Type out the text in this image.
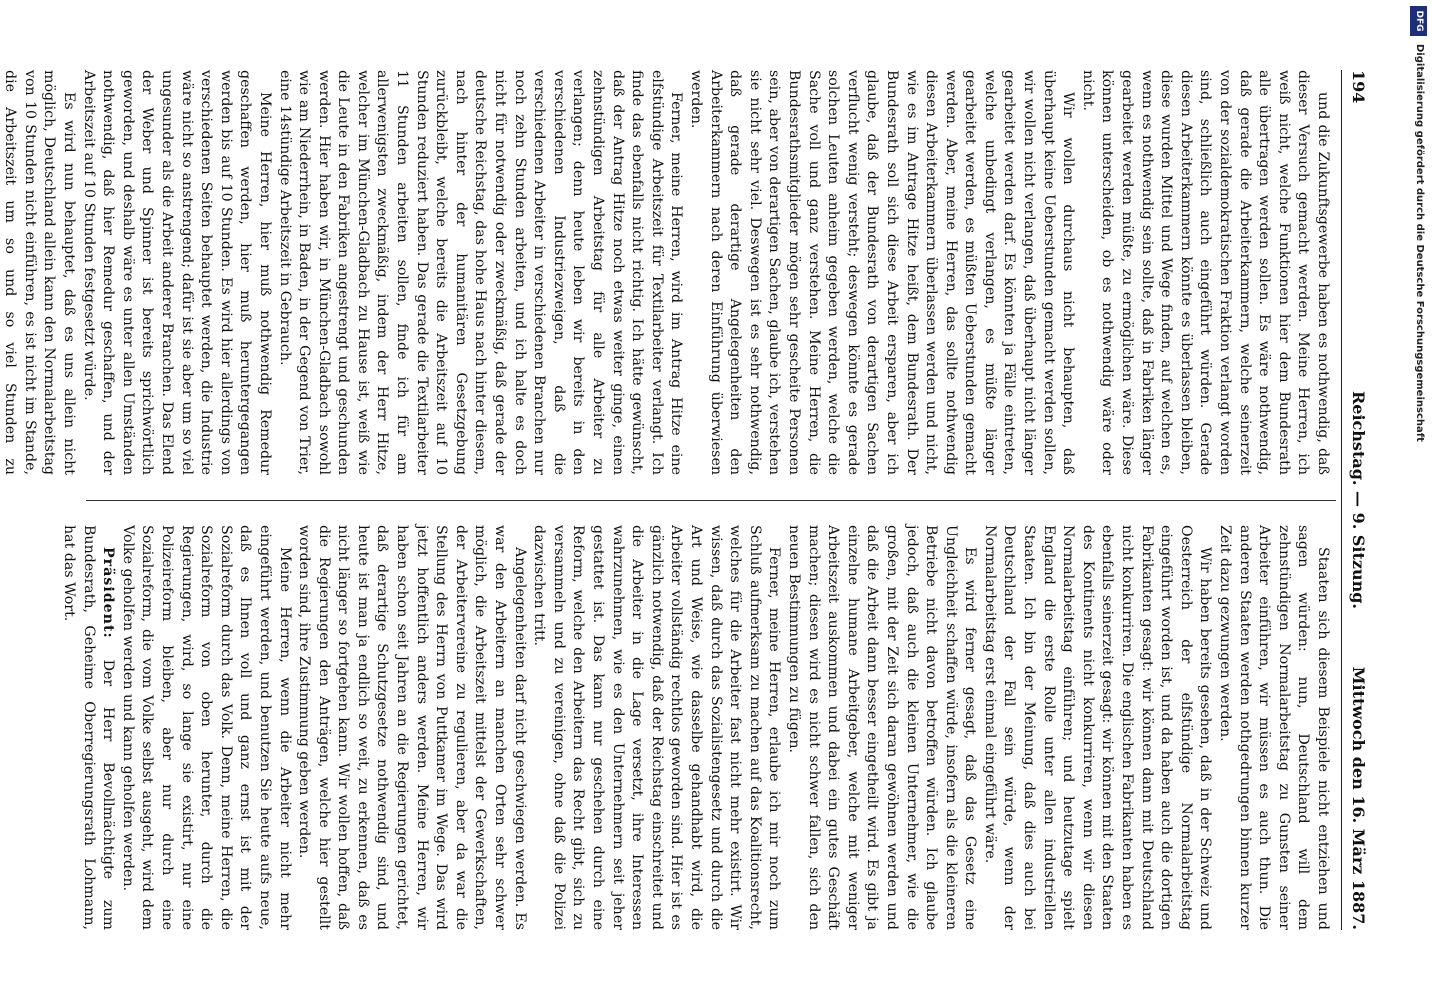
DFG
Digitalisierung gefördert durch die Deutsche Forschungsgemeinschaft
194
Reichstag. — 9. Sitzung.
Mittwoch den 16. März 1887.

und die Zukunftsgewerbe haben es nothwendig, daß dieser Versuch gemacht werden. Meine Herren, ich weiß nicht, welche Funktionen hier dem Bundesrath alle übertragen werden sollen. Es wäre nothwendig, daß gerade die Arbeiterkammern, welche seinerzeit von der sozialdemokratischen Fraktion verlangt worden sind, schließlich auch eingeführt würden. Gerade diesen Arbeiterkammern könnte es überlassen bleiben, diese wurden Mittel und Wege finden, auf welchen es, wenn es nothwendig sein sollte, daß in Fabriken länger gearbeitet werden müßte, zu ermöglichen wäre. Diese können unterscheiden, ob es nothwendig wäre oder nicht.

Wir wollen durchaus nicht behaupten, daß überhaupt keine Ueberstunden gemacht werden sollen, wir wollen nicht verlangen, daß überhaupt nicht länger gearbeitet werden darf. Es könnten ja Fälle eintreten, welche unbedingt verlangen, es müßte länger gearbeitet werden, es müßten Ueberstunden gemacht werden. Aber, meine Herren, das sollte nothwendig diesen Arbeiterkammern überlassen werden und nicht, wie es im Antrage Hitze heißt, dem Bundesrath. Der Bundesrath soll sich diese Arbeit ersparen, aber ich glaube, daß der Bundesrath von derartigen Sachen verflucht wenig versteht; deswegen könnte es gerade solchen Leuten anheim gegeben werden, welche die Sache voll und ganz verstehen. Meine Herren, die Bundesrathsmitglieder mögen sehr gescheite Personen sein, aber von derartigen Sachen, glaube ich, verstehen sie nicht sehr viel. Deswegen ist es sehr nothwendig, daß gerade derartige Angelegenheiten den Arbeiterkammern nach deren Einführung überwiesen werden.

Ferner, meine Herren, wird im Antrag Hitze eine elfstündige Arbeitszeit für Textilarbeiter verlangt. Ich finde das ebenfalls nicht richtig. Ich hätte gewünscht, daß der Antrag Hitze noch etwas weiter ginge, einen zehnstündigen Arbeitstag für alle Arbeiter zu verlangen; denn heute leben wir bereits in den verschiedenen Industriezweigen, daß die verschiedenen Arbeiter in verschiedenen Branchen nur noch zehn Stunden arbeiten, und ich halte es doch nicht für notwendig oder zweckmäßig, daß gerade der deutsche Reichstag, das hohe Haus nach hinter diesem, nach hinter der humanitären Gesetzgebung zurückbleibt, welche bereits die Arbeitszeit auf 10 Stunden reduziert haben. Das gerade die Textilarbeiter 11 Stunden arbeiten sollen, finde ich für am allerwenigsten zweckmäßig, indem der Herr Hitze, welcher im München-Gladbach zu Hause ist, weiß wie die Leute in den Fabriken angestrengt und geschunden werden. Hier haben wir, in München-Gladbach sowohl wie am Niederrhein, in Baden, in der Gegend von Trier, eine 14stündige Arbeitszeit in Gebrauch.

Meine Herren, hier muß nothwendig Remedur geschaffen werden, hier muß heruntergegangen werden bis auf 10 Stunden. Es wird hier allerdings von verschiedenen Seiten behauptet werden, die Industrie wäre nicht so anstrengend; dafür ist sie aber um so viel ungesunder als die Arbeit anderer Branchen. Das Elend der Weber und Spinner ist bereits sprichwörtlich geworden, und deshalb wäre es unter allen Umständen nothwendig, daß hier Remedur geschaffen, und der Arbeitszeit auf 10 Stunden festgesetzt würde.

Es wird nun behauptet, daß es uns allein nicht möglich, Deutschland allein kann den Normalarbeitstag von 10 Stunden nicht einführen, es ist nicht im Stande, die Arbeitszeit um so und so viel Stunden zu

Staaten sich diesem Beispiele nicht entziehen und sagen würden: nun, Deutschland will dem zehnstündigen Normalarbeitstag zu Gunsten seiner Arbeiter einführen, wir müssen es auch thun. Die anderen Staaten werden nothgedrungen binnen kurzer Zeit dazu gezwungen werden.

Wir haben bereits gesehen, daß in der Schweiz und Oesterreich der elfstündige Normalarbeitstag eingeführt worden ist, und da haben auch die dortigen Fabrikanten gesagt: wir können dann mit Deutschland nicht konkurriren. Die englischen Fabrikanten haben es ebenfalls seinerzeit gesagt: wir können mit den Staaten des Kontinents nicht konkurriren, wenn wir diesen Normalarbeitstag einführen; und heutzutage spielt England die erste Rolle unter allen industriellen Staaten. Ich bin der Meinung, daß dies auch bei Deutschland der Fall sein würde, wenn der Normalarbeitstag erst einmal eingeführt wäre.

Es wird ferner gesagt, daß das Gesetz eine Ungleichheit schaffen würde, insofern als die kleineren Betriebe nicht davon betroffen würden. Ich glaube jedoch, daß auch die kleinen Unternehmer, wie die großen, mit der Zeit sich daran gewöhnen werden und daß die Arbeit dann besser eingetheilt wird. Es gibt ja einzelne humane Arbeitgeber, welche mit weniger Arbeitszeit auskommen und dabei ein gutes Geschäft machen; diesen wird es nicht schwer fallen, sich den neuen Bestimmungen zu fügen.

Ferner, meine Herren, erlaube ich mir noch zum Schluß aufmerksam zu machen auf das Koalitionsrecht, welches für die Arbeiter fast nicht mehr existirt. Wir wissen, daß durch das Sozialistengesetz und durch die Art und Weise, wie dasselbe gehandhabt wird, die Arbeiter vollständig rechtlos geworden sind. Hier ist es gänzlich notwendig, daß der Reichstag einschreitet und die Arbeiter in die Lage versetzt, ihre Interessen wahrzunehmen, wie es den Unternehmern seit jeher gestattet ist. Das kann nur geschehen durch eine Reform, welche den Arbeitern das Recht gibt, sich zu versammeln und zu vereinigen, ohne daß die Polizei dazwischen tritt.

Angelegenheiten darf nicht geschwiegen werden. Es war den Arbeitern an manchen Orten sehr schwer möglich, die Arbeitszeit mittelst der Gewerkschaften, der Arbeitervereine zu regulieren, aber da war die Stellung des Herrn von Puttkamer im Wege. Das wird jetzt hoffentlich anders werden. Meine Herren, wir haben schon seit Jahren an die Regierungen gerichtet, daß derartige Schutzgesetze nothwendig sind, und heute ist man ja endlich so weit, zu erkennen, daß es nicht länger so fortgehen kann. Wir wollen hoffen, daß die Regierungen den Anträgen, welche hier gestellt worden sind, ihre Zustimmung geben werden.

Meine Herren, wenn die Arbeiter nicht mehr eingeführt werden, und benutzen Sie heute aufs neue, daß es Ihnen voll und ganz ernst ist mit der Sozialreform durch das Volk. Denn, meine Herren, die Sozialreform von oben herunter, durch die Regierungen, wird, so lange sie existirt, nur eine Polizeireform bleiben, aber nur durch eine Sozialreform, die vom Volke selbst ausgeht, wird dem Volke geholfen werden und kann geholfen werden.

Präsident: Der Herr Bevollmächtigte zum Bundesrath, Geheime Oberregierungsrath Lohmann, hat das Wort.
